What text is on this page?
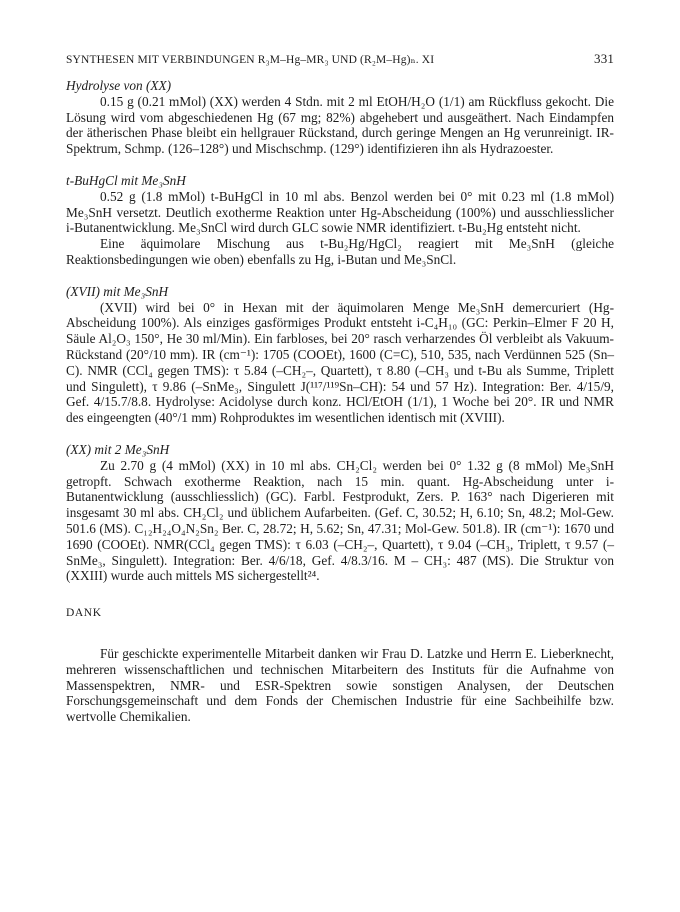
SYNTHESEN MIT VERBINDUNGEN R₃M–Hg–MR₃ UND (R₂M–Hg)ₙ. XI	331

Hydrolyse von (XX)

0.15 g (0.21 mMol) (XX) werden 4 Stdn. mit 2 ml EtOH/H₂O (1/1) am Rückfluss gekocht. Die Lösung wird vom abgeschiedenen Hg (67 mg; 82%) abgehebert und ausgeäthert. Nach Eindampfen der ätherischen Phase bleibt ein hellgrauer Rückstand, durch geringe Mengen an Hg verunreinigt. IR-Spektrum, Schmp. (126–128°) und Mischschmp. (129°) identifizieren ihn als Hydrazoester.

t-BuHgCl mit Me₃SnH

0.52 g (1.8 mMol) t-BuHgCl in 10 ml abs. Benzol werden bei 0° mit 0.23 ml (1.8 mMol) Me₃SnH versetzt. Deutlich exotherme Reaktion unter Hg-Abscheidung (100%) und ausschliesslicher i-Butanentwicklung. Me₃SnCl wird durch GLC sowie NMR identifiziert. t-Bu₂Hg entsteht nicht.

Eine äquimolare Mischung aus t-Bu₂Hg/HgCl₂ reagiert mit Me₃SnH (gleiche Reaktionsbedingungen wie oben) ebenfalls zu Hg, i-Butan und Me₃SnCl.

(XVII) mit Me₃SnH

(XVII) wird bei 0° in Hexan mit der äquimolaren Menge Me₃SnH demercuriert (Hg-Abscheidung 100%). Als einziges gasförmiges Produkt entsteht i-C₄H₁₀ (GC: Perkin–Elmer F 20 H, Säule Al₂O₃ 150°, He 30 ml/Min). Ein farbloses, bei 20° rasch verharzendes Öl verbleibt als Vakuum-Rückstand (20°/10 mm). IR (cm⁻¹): 1705 (COOEt), 1600 (C=C), 510, 535, nach Verdünnen 525 (Sn–C). NMR (CCl₄ gegen TMS): τ 5.84 (–CH₂–, Quartett), τ 8.80 (–CH₃ und t-Bu als Summe, Triplett und Singulett), τ 9.86 (–SnMe₃, Singulett J(¹¹⁷/¹¹⁹Sn–CH): 54 und 57 Hz). Integration: Ber. 4/15/9, Gef. 4/15.7/8.8. Hydrolyse: Acidolyse durch konz. HCl/EtOH (1/1), 1 Woche bei 20°. IR und NMR des eingeengten (40°/1 mm) Rohproduktes im wesentlichen identisch mit (XVIII).

(XX) mit 2 Me₃SnH

Zu 2.70 g (4 mMol) (XX) in 10 ml abs. CH₂Cl₂ werden bei 0° 1.32 g (8 mMol) Me₃SnH getropft. Schwach exotherme Reaktion, nach 15 min. quant. Hg-Abscheidung unter i-Butanentwicklung (ausschliesslich) (GC). Farbl. Festprodukt, Zers. P. 163° nach Digerieren mit insgesamt 30 ml abs. CH₂Cl₂ und üblichem Aufarbeiten. (Gef. C, 30.52; H, 6.10; Sn, 48.2; Mol-Gew. 501.6 (MS). C₁₂H₂₄O₄N₂Sn₂ Ber. C, 28.72; H, 5.62; Sn, 47.31; Mol-Gew. 501.8). IR (cm⁻¹): 1670 und 1690 (COOEt). NMR(CCl₄ gegen TMS): τ 6.03 (–CH₂–, Quartett), τ 9.04 (–CH₃, Triplett, τ 9.57 (–SnMe₃, Singulett). Integration: Ber. 4/6/18, Gef. 4/8.3/16. M – CH₃: 487 (MS). Die Struktur von (XXIII) wurde auch mittels MS sichergestellt²⁴.

DANK

Für geschickte experimentelle Mitarbeit danken wir Frau D. Latzke und Herrn E. Lieberknecht, mehreren wissenschaftlichen und technischen Mitarbeitern des Instituts für die Aufnahme von Massenspektren, NMR- und ESR-Spektren sowie sonstigen Analysen, der Deutschen Forschungsgemeinschaft und dem Fonds der Chemischen Industrie für eine Sachbeihilfe bzw. wertvolle Chemikalien.
